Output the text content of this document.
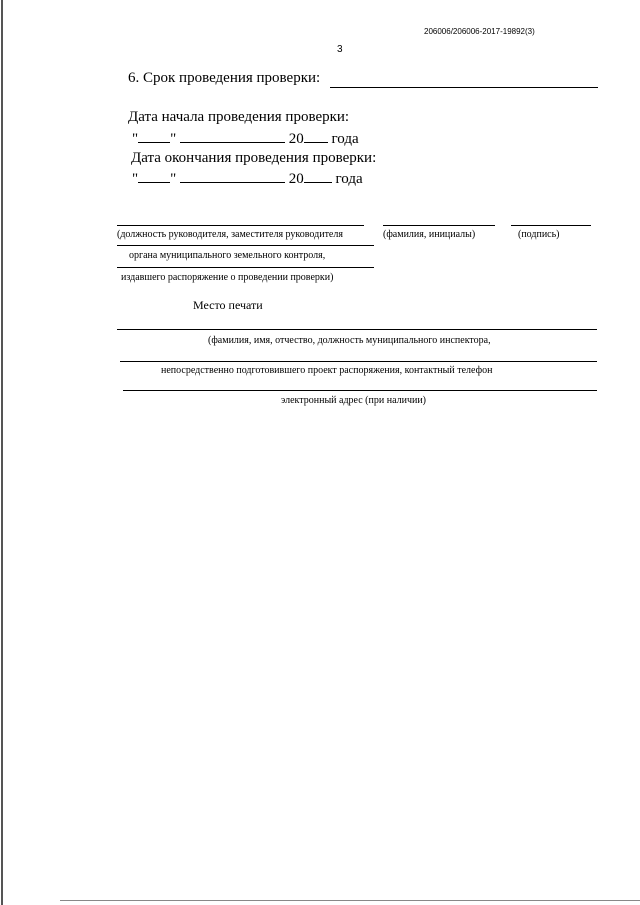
206006/206006-2017-19892(3)
3
6. Срок проведения проверки:
Дата начала проведения проверки:
" "	20 года
Дата окончания проведения проверки:
" "	20 года
(должность руководителя, заместителя руководителя	(фамилия, инициалы)	(подпись)
органа муниципального земельного контроля,
издавшего распоряжение о проведении проверки)
Место печати
(фамилия, имя, отчество, должность муниципального инспектора,
непосредственно подготовившего проект распоряжения, контактный телефон
электронный адрес (при наличии)
